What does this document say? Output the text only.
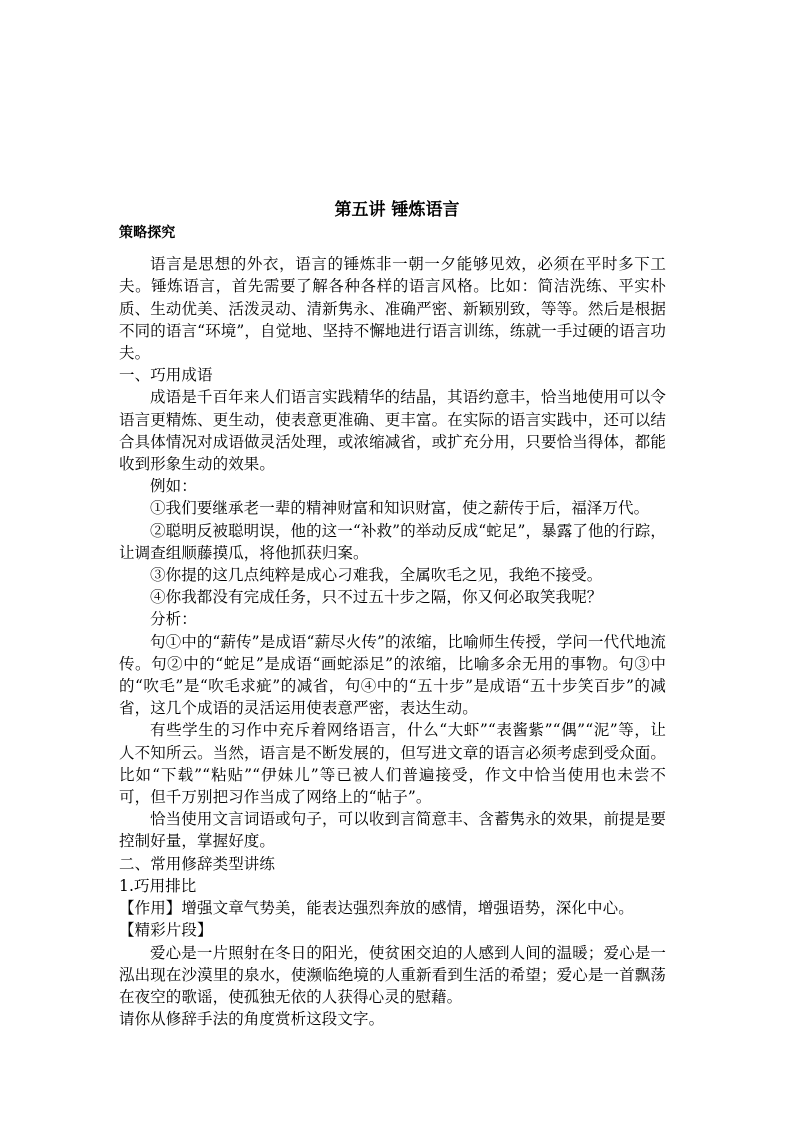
第五讲 锤炼语言

策略探究

语言是思想的外衣，语言的锤炼非一朝一夕能够见效，必须在平时多下工夫。锤炼语言，首先需要了解各种各样的语言风格。比如：简洁洗练、平实朴质、生动优美、活泼灵动、清新隽永、准确严密、新颖别致，等等。然后是根据不同的语言“环境”，自觉地、坚持不懈地进行语言训练，练就一手过硬的语言功夫。

一、巧用成语

成语是千百年来人们语言实践精华的结晶，其语约意丰，恰当地使用可以令语言更精炼、更生动，使表意更准确、更丰富。在实际的语言实践中，还可以结合具体情况对成语做灵活处理，或浓缩减省，或扩充分用，只要恰当得体，都能收到形象生动的效果。

例如：

①我们要继承老一辈的精神财富和知识财富，使之薪传于后，福泽万代。

②聪明反被聪明误，他的这一“补救”的举动反成“蛇足”，暴露了他的行踪，让调查组顺藤摸瓜，将他抓获归案。

③你提的这几点纯粹是成心刁难我，全属吹毛之见，我绝不接受。

④你我都没有完成任务，只不过五十步之隔，你又何必取笑我呢？

分析：

句①中的“薪传”是成语“薪尽火传”的浓缩，比喻师生传授，学问一代代地流传。句②中的“蛇足”是成语“画蛇添足”的浓缩，比喻多余无用的事物。句③中的“吹毛”是“吹毛求疵”的减省，句④中的“五十步”是成语“五十步笑百步”的减省，这几个成语的灵活运用使表意严密，表达生动。

有些学生的习作中充斥着网络语言，什么“大虾”“表酱紫”“偶”“泥”等，让人不知所云。当然，语言是不断发展的，但写进文章的语言必须考虑到受众面。比如“下载”“粘贴”“伊妹儿”等已被人们普遍接受，作文中恰当使用也未尝不可，但千万别把习作当成了网络上的“帖子”。

恰当使用文言词语或句子，可以收到言简意丰、含蓄隽永的效果，前提是要控制好量，掌握好度。

二、常用修辞类型讲练

1.巧用排比

【作用】增强文章气势美，能表达强烈奔放的感情，增强语势，深化中心。

【精彩片段】

爱心是一片照射在冬日的阳光，使贫困交迫的人感到人间的温暖；爱心是一泓出现在沙漠里的泉水，使濒临绝境的人重新看到生活的希望；爱心是一首飘荡在夜空的歌谣，使孤独无依的人获得心灵的慰藉。

请你从修辞手法的角度赏析这段文字。
